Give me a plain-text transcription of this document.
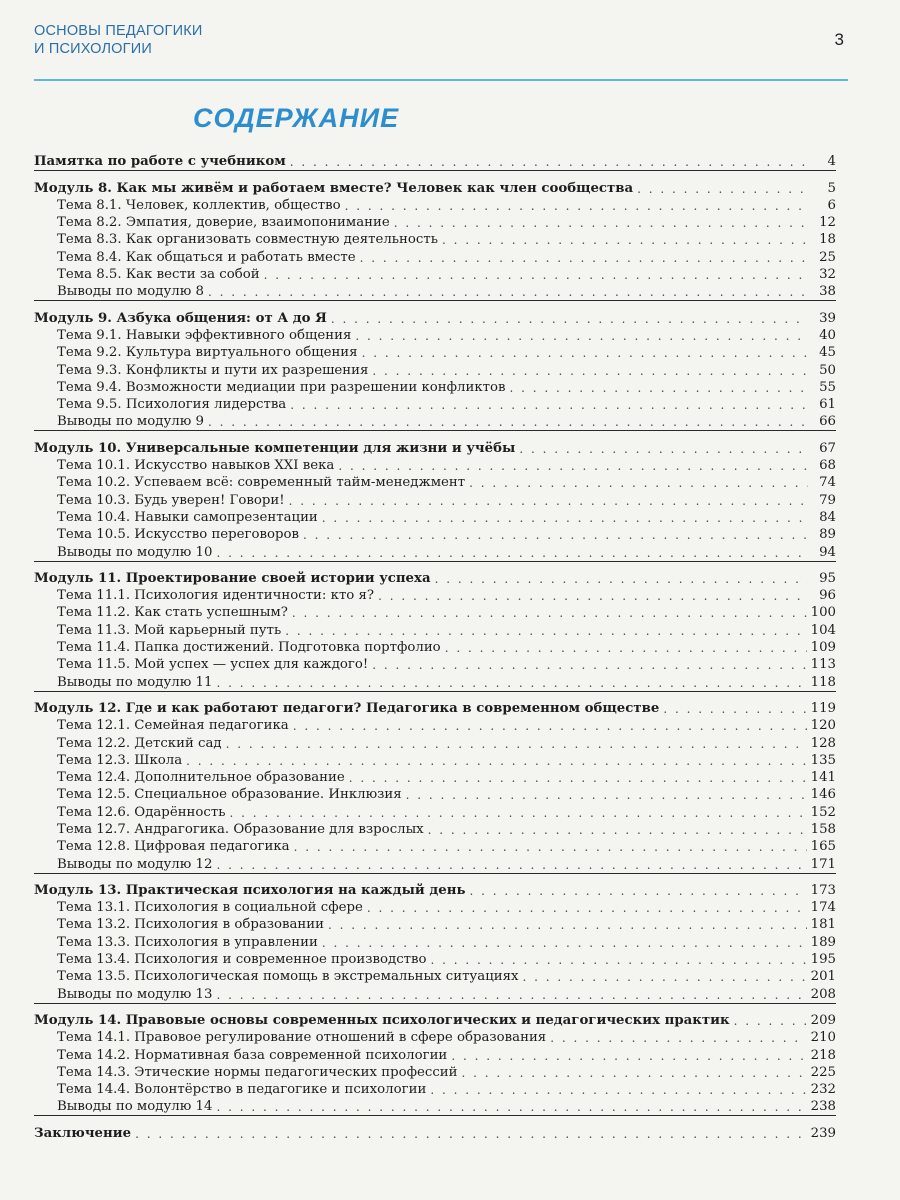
ОСНОВЫ ПЕДАГОГИКИ
И ПСИХОЛОГИИ	3
СОДЕРЖАНИЕ
Памятка по работе с учебником . . .	4
Модуль 8. Как мы живём и работаем вместе? Человек как член сообщества . . .	5
Тема 8.1. Человек, коллектив, общество . . .	6
Тема 8.2. Эмпатия, доверие, взаимопонимание . . .	12
Тема 8.3. Как организовать совместную деятельность . . .	18
Тема 8.4. Как общаться и работать вместе . . .	25
Тема 8.5. Как вести за собой . . .	32
Выводы по модулю 8 . . .	38
Модуль 9. Азбука общения: от А до Я . . .	39
Тема 9.1. Навыки эффективного общения . . .	40
Тема 9.2. Культура виртуального общения . . .	45
Тема 9.3. Конфликты и пути их разрешения . . .	50
Тема 9.4. Возможности медиации при разрешении конфликтов . . .	55
Тема 9.5. Психология лидерства . . .	61
Выводы по модулю 9 . . .	66
Модуль 10. Универсальные компетенции для жизни и учёбы . . .	67
Тема 10.1. Искусство навыков XXI века . . .	68
Тема 10.2. Успеваем всё: современный тайм-менеджмент . . .	74
Тема 10.3. Будь уверен! Говори! . . .	79
Тема 10.4. Навыки самопрезентации . . .	84
Тема 10.5. Искусство переговоров . . .	89
Выводы по модулю 10 . . .	94
Модуль 11. Проектирование своей истории успеха . . .	95
Тема 11.1. Психология идентичности: кто я? . . .	96
Тема 11.2. Как стать успешным? . . .	100
Тема 11.3. Мой карьерный путь . . .	104
Тема 11.4. Папка достижений. Подготовка портфолио . . .	109
Тема 11.5. Мой успех — успех для каждого! . . .	113
Выводы по модулю 11 . . .	118
Модуль 12. Где и как работают педагоги? Педагогика в современном обществе . . .	119
Тема 12.1. Семейная педагогика . . .	120
Тема 12.2. Детский сад . . .	128
Тема 12.3. Школа . . .	135
Тема 12.4. Дополнительное образование . . .	141
Тема 12.5. Специальное образование. Инклюзия . . .	146
Тема 12.6. Одарённость . . .	152
Тема 12.7. Андрагогика. Образование для взрослых . . .	158
Тема 12.8. Цифровая педагогика . . .	165
Выводы по модулю 12 . . .	171
Модуль 13. Практическая психология на каждый день . . .	173
Тема 13.1. Психология в социальной сфере . . .	174
Тема 13.2. Психология в образовании . . .	181
Тема 13.3. Психология в управлении . . .	189
Тема 13.4. Психология и современное производство . . .	195
Тема 13.5. Психологическая помощь в экстремальных ситуациях . . .	201
Выводы по модулю 13 . . .	208
Модуль 14. Правовые основы современных психологических и педагогических практик . . .	209
Тема 14.1. Правовое регулирование отношений в сфере образования . . .	210
Тема 14.2. Нормативная база современной психологии . . .	218
Тема 14.3. Этические нормы педагогических профессий . . .	225
Тема 14.4. Волонтёрство в педагогике и психологии . . .	232
Выводы по модулю 14 . . .	238
Заключение . . .	239
